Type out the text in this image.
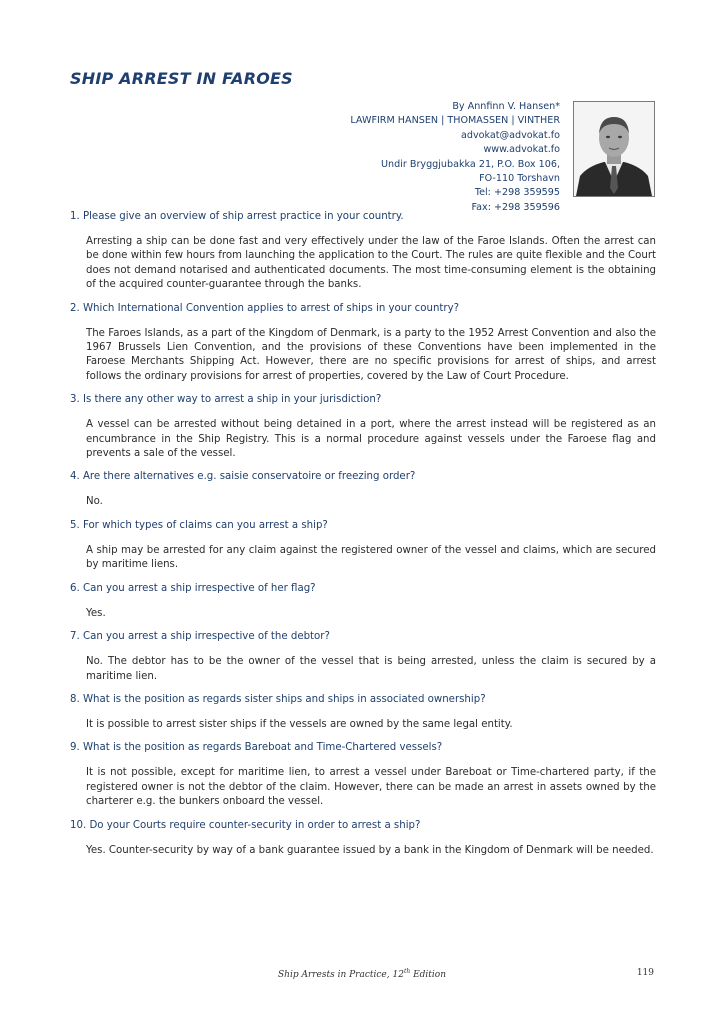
SHIP ARREST IN FAROES
By Annfinn V. Hansen*
LAWFIRM HANSEN | THOMASSEN | VINTHER
advokat@advokat.fo
www.advokat.fo
Undir Bryggjubakka 21, P.O. Box 106,
FO-110 Torshavn
Tel: +298 359595
Fax: +298 359596

1. Please give an overview of ship arrest practice in your country.

Arresting a ship can be done fast and very effectively under the law of the Faroe Islands. Often the arrest can be done within few hours from launching the application to the Court. The rules are quite flexible and the Court does not demand notarised and authenticated documents. The most time-consuming element is the obtaining of the acquired counter-guarantee through the banks.

2. Which International Convention applies to arrest of ships in your country?

The Faroes Islands, as a part of the Kingdom of Denmark, is a party to the 1952 Arrest Convention and also the 1967 Brussels Lien Convention, and the provisions of these Conventions have been implemented in the Faroese Merchants Shipping Act. However, there are no specific provisions for arrest of ships, and arrest follows the ordinary provisions for arrest of properties, covered by the Law of Court Procedure.

3. Is there any other way to arrest a ship in your jurisdiction?

A vessel can be arrested without being detained in a port, where the arrest instead will be registered as an encumbrance in the Ship Registry. This is a normal procedure against vessels under the Faroese flag and prevents a sale of the vessel.

4. Are there alternatives e.g. saisie conservatoire or freezing order?

No.

5. For which types of claims can you arrest a ship?

A ship may be arrested for any claim against the registered owner of the vessel and claims, which are secured by maritime liens.

6. Can you arrest a ship irrespective of her flag?

Yes.

7. Can you arrest a ship irrespective of the debtor?

No. The debtor has to be the owner of the vessel that is being arrested, unless the claim is secured by a maritime lien.

8. What is the position as regards sister ships and ships in associated ownership?

It is possible to arrest sister ships if the vessels are owned by the same legal entity.

9. What is the position as regards Bareboat and Time-Chartered vessels?

It is not possible, except for maritime lien, to arrest a vessel under Bareboat or Time-chartered party, if the registered owner is not the debtor of the claim. However, there can be made an arrest in assets owned by the charterer e.g. the bunkers onboard the vessel.

10. Do your Courts require counter-security in order to arrest a ship?

Yes. Counter-security by way of a bank guarantee issued by a bank in the Kingdom of Denmark will be needed.

Ship Arrests in Practice, 12th Edition	119
